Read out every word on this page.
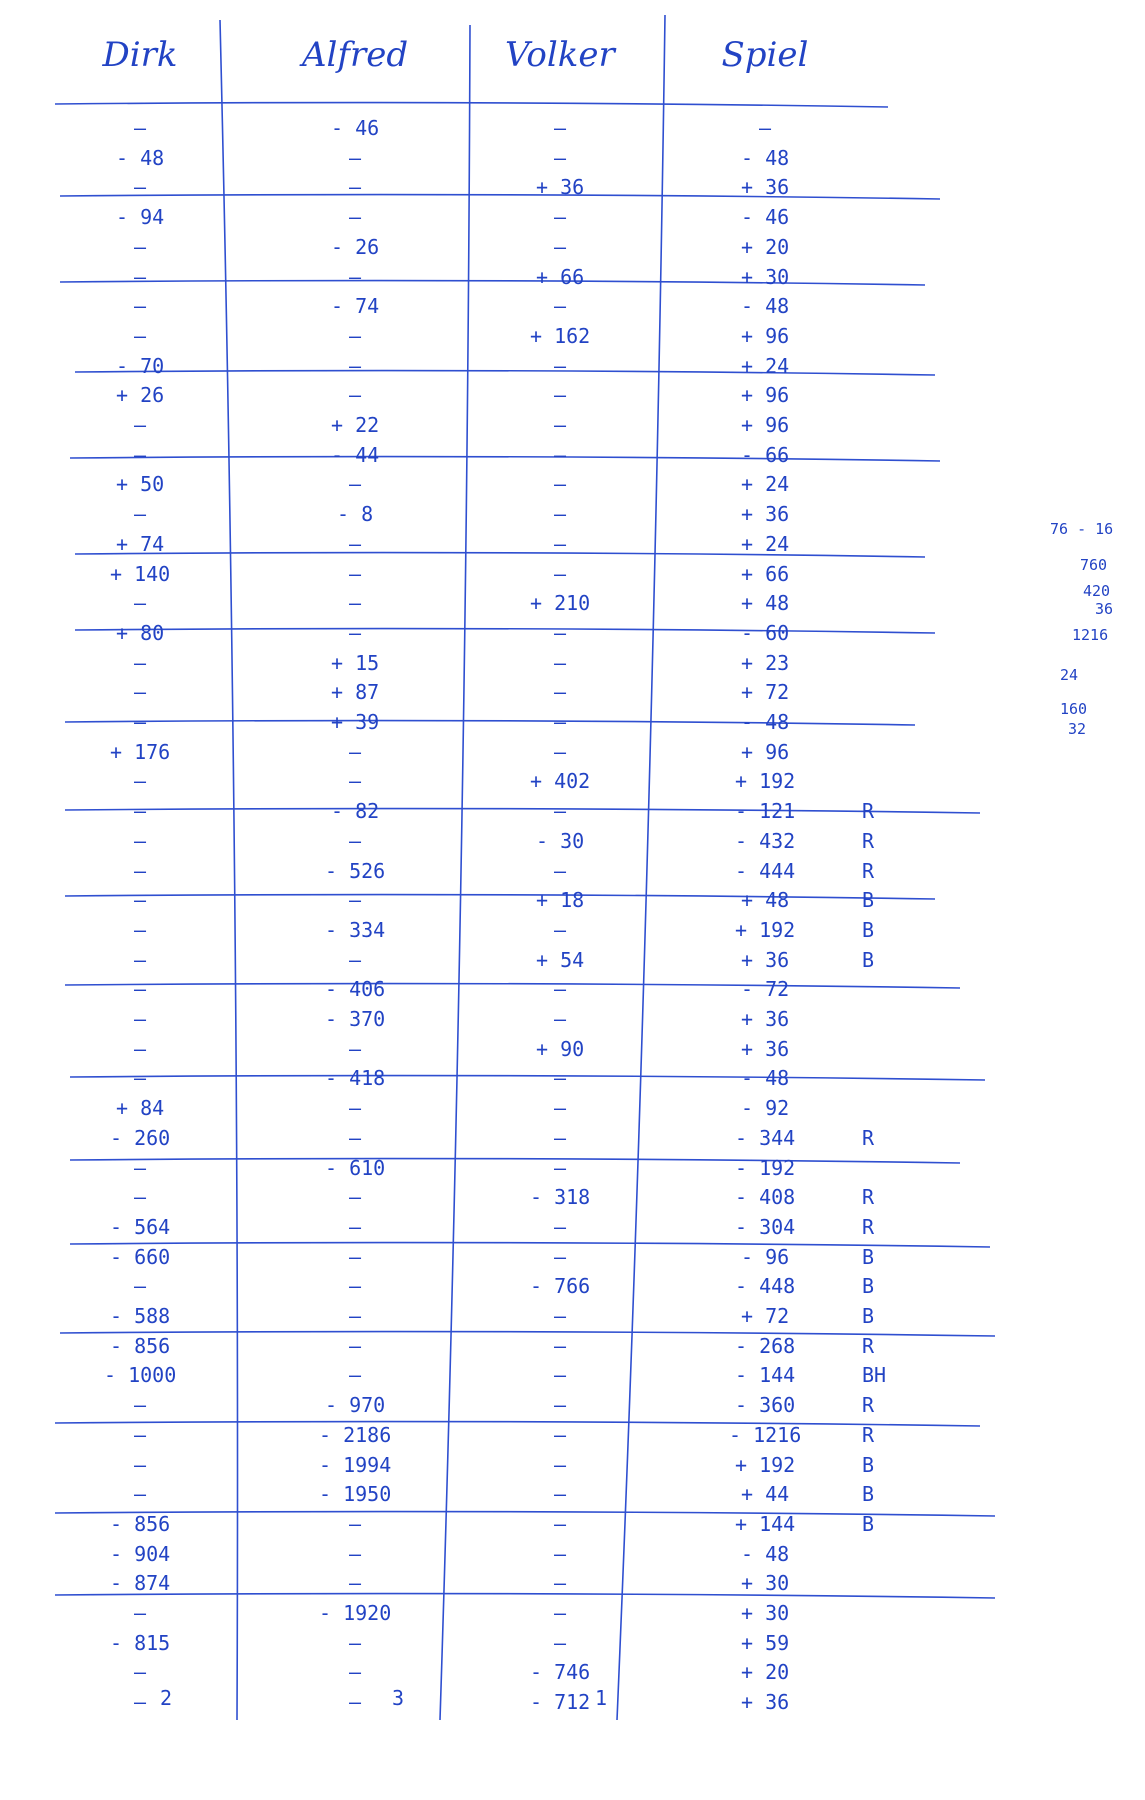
Dirk	Alfred	Volker	Spiel
—	- 46	—	—
- 48	—	—	- 48
—	—	+ 36	+ 36
- 94	—	—	- 46
—	- 26	—	+ 20
—	—	+ 66	+ 30
—	- 74	—	- 48
—	—	+ 162	+ 96
- 70	—	—	+ 24
+ 26	—	—	+ 96
—	+ 22	—	+ 96
—	- 44	—	- 66
+ 50	—	—	+ 24
—	- 8	—	+ 36
+ 74	—	—	+ 24
+ 140	—	—	+ 66
—	—	+ 210	+ 48
+ 80	—	—	- 60
—	+ 15	—	+ 23
—	+ 87	—	+ 72
—	+ 39	—	- 48
+ 176	—	—	+ 96
—	—	+ 402	+ 192
—	- 82	—	- 121	R
—	—	- 30	- 432	R
—	- 526	—	- 444	R
—	—	+ 18	+ 48	B
—	- 334	—	+ 192	B
—	—	+ 54	+ 36	B
—	- 406	—	- 72
—	- 370	—	+ 36
—	—	+ 90	+ 36
—	- 418	—	- 48
+ 84	—	—	- 92
- 260	—	—	- 344	R
—	- 610	—	- 192
—	—	- 318	- 408	R
- 564	—	—	- 304	R
- 660	—	—	- 96	B
—	—	- 766	- 448	B
- 588	—	—	+ 72	B
- 856	—	—	- 268	R
- 1000	—	—	- 144	BH
—	- 970	—	- 360	R
—	- 2186	—	- 1216	R
—	- 1994	—	+ 192	B
—	- 1950	—	+ 44	B
- 856	—	—	+ 144	B
- 904	—	—	- 48
- 874	—	—	+ 30
—	- 1920	—	+ 30
- 815	—	—	+ 59
—	—	- 746	+ 20
—	—	- 712	+ 36
2	3	1
76 - 16
760
420
36
1216
24
160
32
